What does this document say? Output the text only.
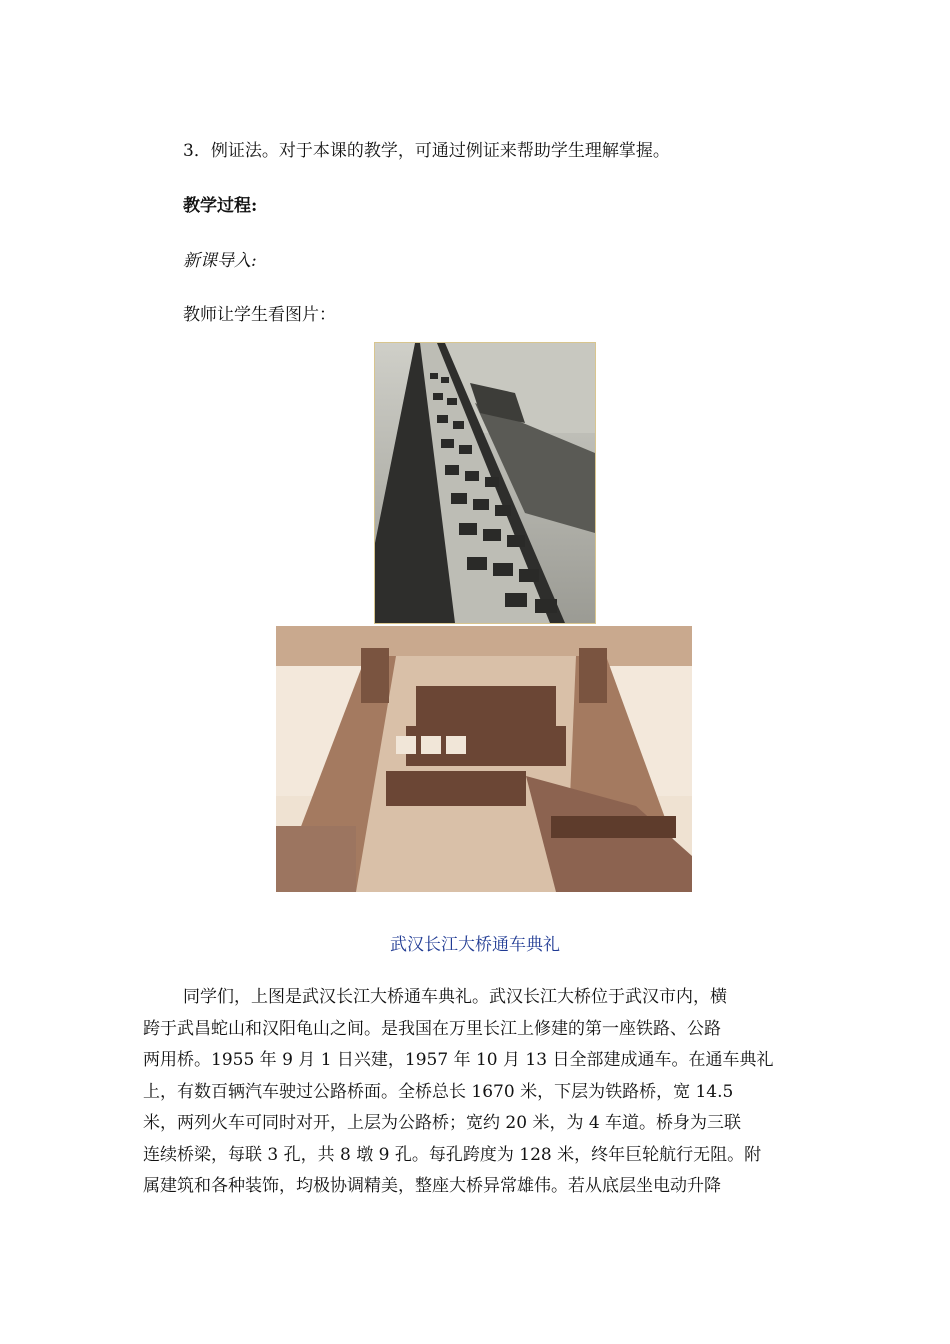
3．例证法。对于本课的教学，可通过例证来帮助学生理解掌握。
教学过程:
新课导入:
教师让学生看图片：
武汉长江大桥通车典礼
同学们，上图是武汉长江大桥通车典礼。武汉长江大桥位于武汉市内，横
跨于武昌蛇山和汉阳龟山之间。是我国在万里长江上修建的第一座铁路、公路
两用桥。1955 年 9 月 1 日兴建，1957 年 10 月 13 日全部建成通车。在通车典礼
上，有数百辆汽车驶过公路桥面。全桥总长 1670 米，下层为铁路桥，宽 14.5
米，两列火车可同时对开，上层为公路桥；宽约 20 米，为 4 车道。桥身为三联
连续桥梁，每联 3 孔，共 8 墩 9 孔。每孔跨度为 128 米，终年巨轮航行无阻。附
属建筑和各种装饰，均极协调精美，整座大桥异常雄伟。若从底层坐电动升降
